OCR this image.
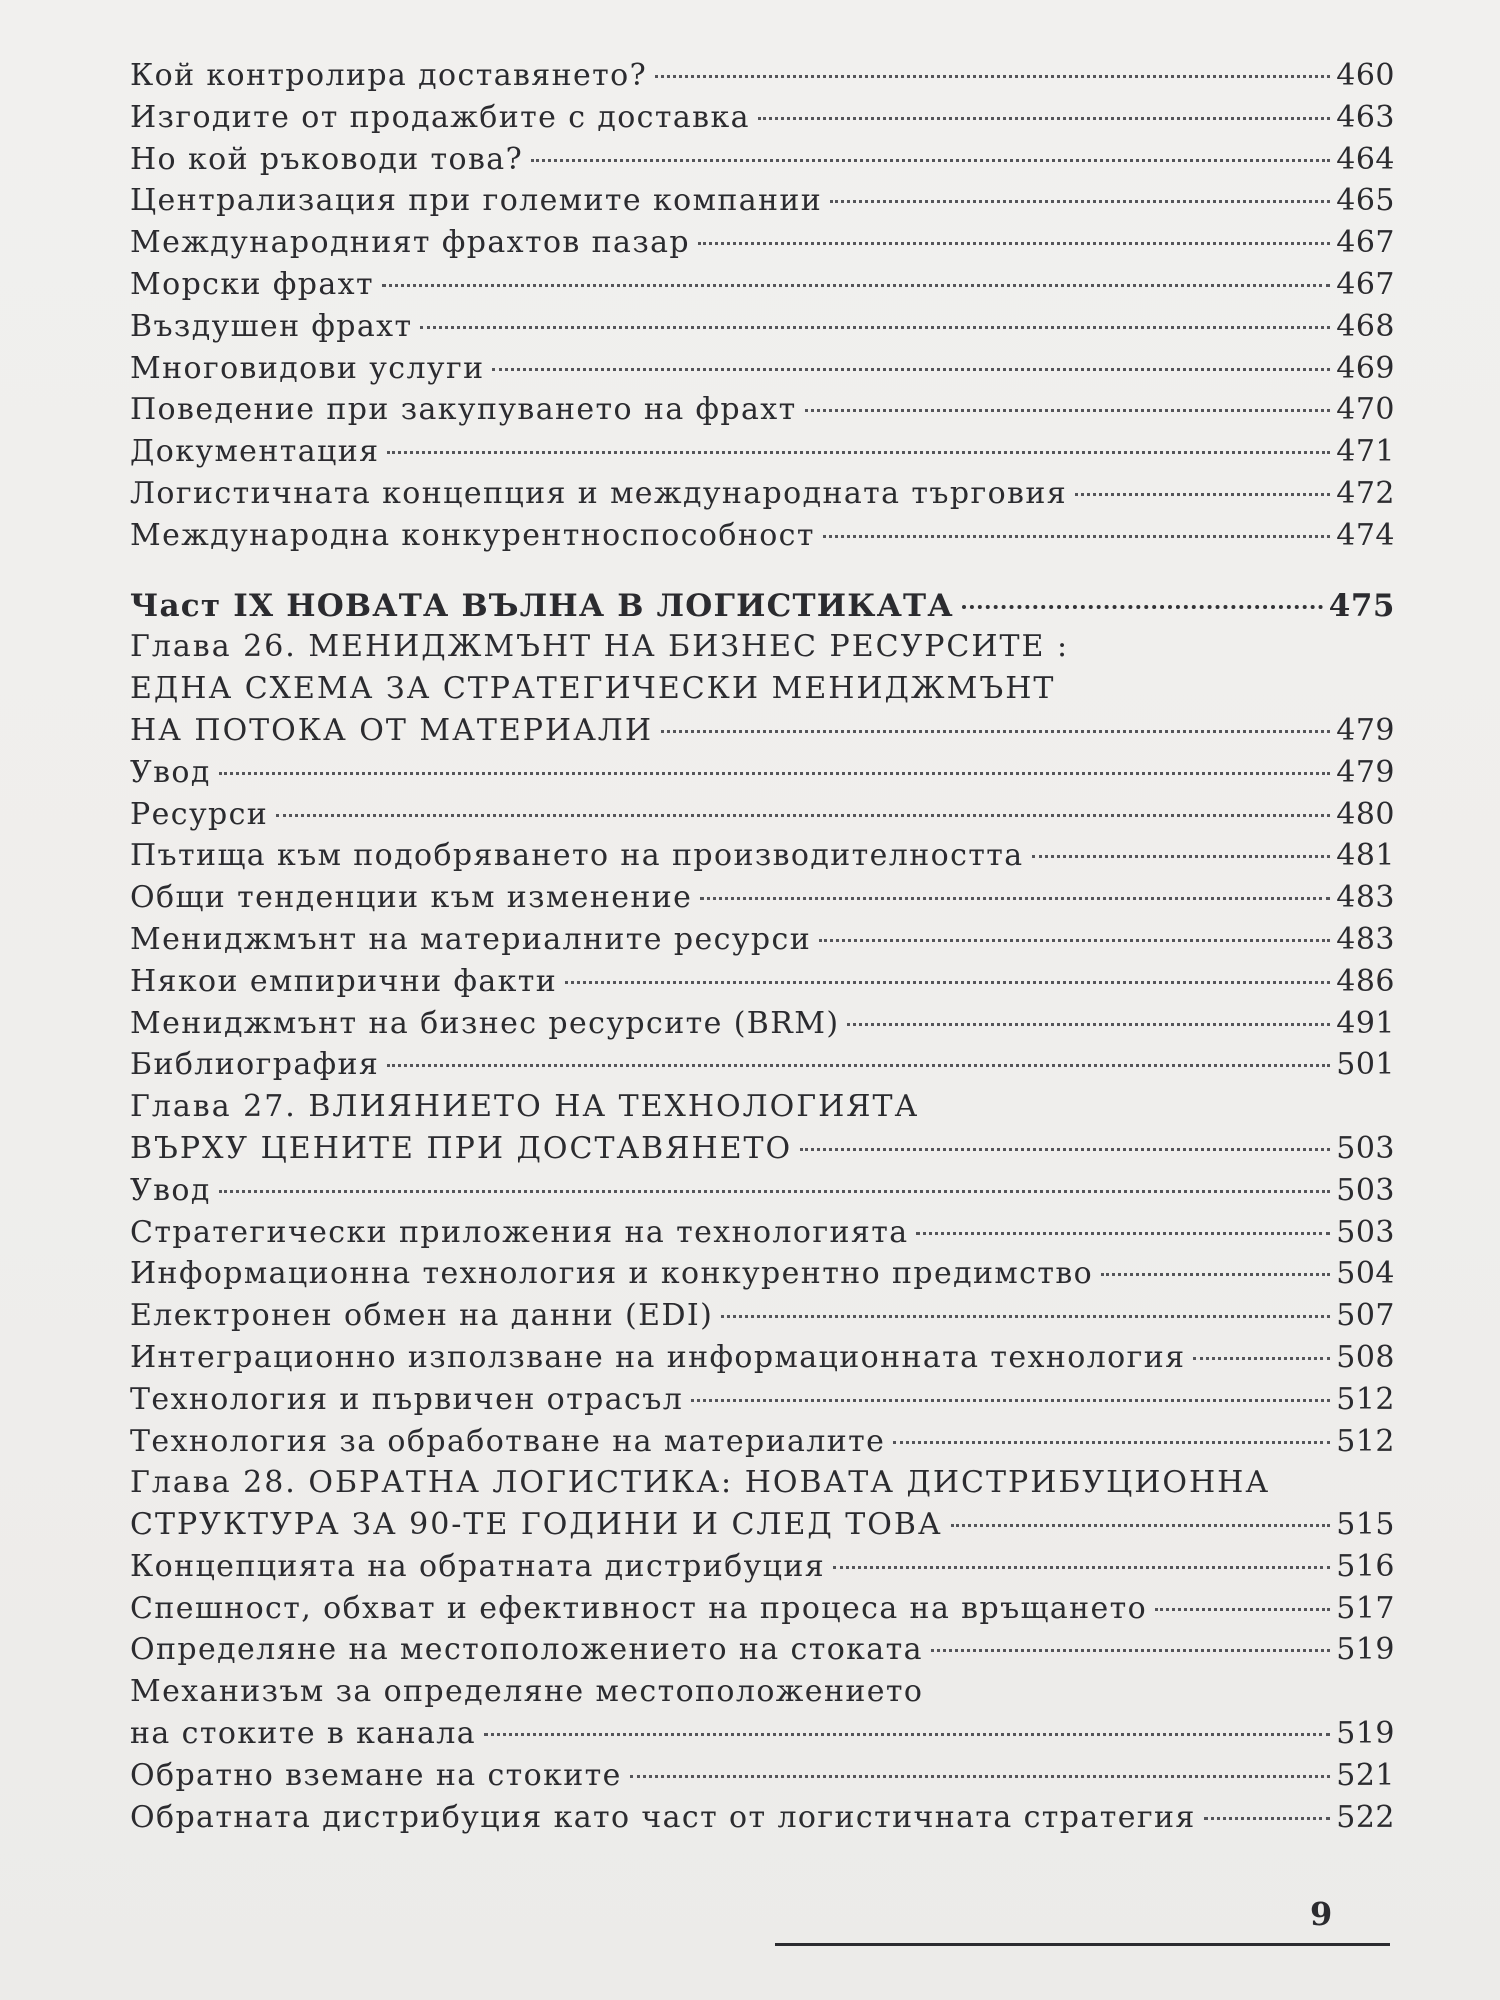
Кой контролира доставянето?	460
Изгодите от продажбите с доставка	463
Но кой ръководи това?	464
Централизация при големите компании	465
Международният фрахтов пазар	467
Морски фрахт	467
Въздушен фрахт	468
Многовидови услуги	469
Поведение при закупуването на фрахт	470
Документация	471
Логистичната концепция и международната търговия	472
Международна конкурентноспособност	474
Част IX НОВАТА ВЪЛНА В ЛОГИСТИКАТА	475
Глава 26. МЕНИДЖМЪНТ НА БИЗНЕС РЕСУРСИТЕ :
ЕДНА СХЕМА ЗА СТРАТЕГИЧЕСКИ МЕНИДЖМЪНТ
НА ПОТОКА ОТ МАТЕРИАЛИ	479
Увод	479
Ресурси	480
Пътища към подобряването на производителността	481
Общи тенденции към изменение	483
Мениджмънт на материалните ресурси	483
Някои емпирични факти	486
Мениджмънт на бизнес ресурсите (BRM)	491
Библиография	501
Глава 27. ВЛИЯНИЕТО НА ТЕХНОЛОГИЯТА
ВЪРХУ ЦЕНИТЕ ПРИ ДОСТАВЯНЕТО	503
Увод	503
Стратегически приложения на технологията	503
Информационна технология и конкурентно предимство	504
Електронен обмен на данни (EDI)	507
Интеграционно използване на информационната технология	508
Технология и първичен отрасъл	512
Технология за обработване на материалите	512
Глава 28. ОБРАТНА ЛОГИСТИКА: НОВАТА ДИСТРИБУЦИОННА
СТРУКТУРА ЗА 90-ТЕ ГОДИНИ И СЛЕД ТОВА	515
Концепцията на обратната дистрибуция	516
Спешност, обхват и ефективност на процеса на връщането	517
Определяне на местоположението на стоката	519
Механизъм за определяне местоположението
на стоките в канала	519
Обратно вземане на стоките	521
Обратната дистрибуция като част от логистичната стратегия	522
9
